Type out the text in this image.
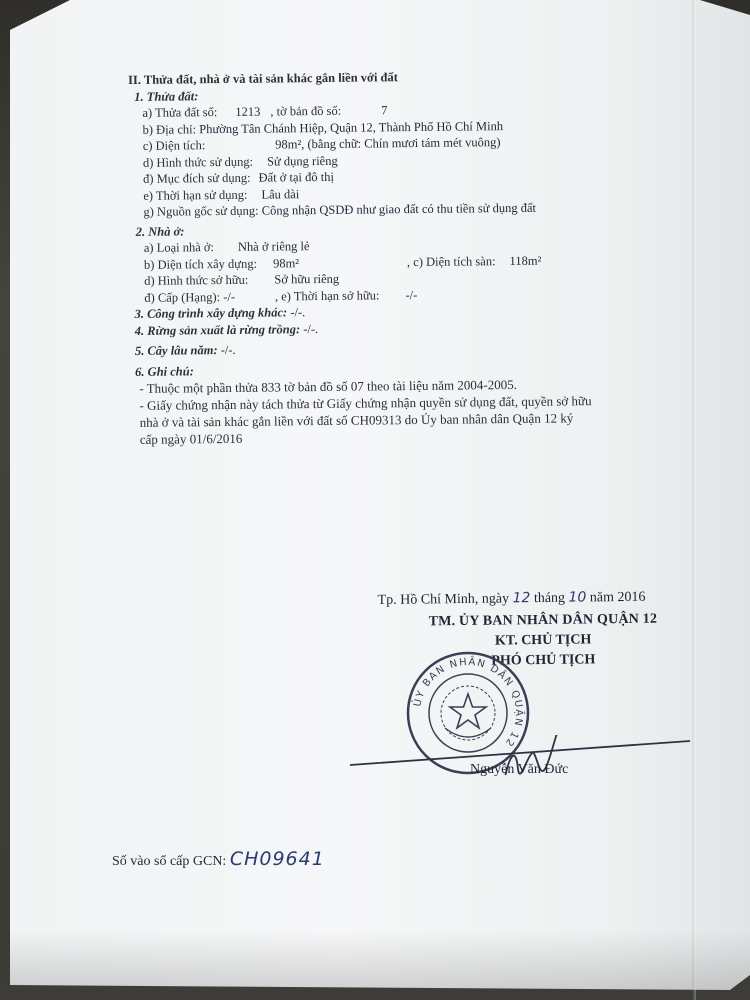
II. Thửa đất, nhà ở và tài sản khác gắn liền với đất
1. Thửa đất:
a) Thửa đất số: 1213 , tờ bản đồ số:	7
b) Địa chỉ: Phường Tân Chánh Hiệp, Quận 12, Thành Phố Hồ Chí Minh
c) Diện tích:	98m², (bằng chữ: Chín mươi tám mét vuông)
d) Hình thức sử dụng: Sử dụng riêng
đ) Mục đích sử dụng: Đất ở tại đô thị
e) Thời hạn sử dụng: Lâu dài
g) Nguồn gốc sử dụng: Công nhận QSDĐ như giao đất có thu tiền sử dụng đất
2. Nhà ở:
a) Loại nhà ở: Nhà ở riêng lẻ
b) Diện tích xây dựng: 98m²	, c) Diện tích sàn: 118m²
d) Hình thức sở hữu: Sở hữu riêng
đ) Cấp (Hạng): -/-	, e) Thời hạn sở hữu: -/-
3. Công trình xây dựng khác: -/-.
4. Rừng sản xuất là rừng trồng: -/-.
5. Cây lâu năm: -/-.
6. Ghi chú:
- Thuộc một phần thửa 833 tờ bản đồ số 07 theo tài liệu năm 2004-2005.
- Giấy chứng nhận này tách thửa từ Giấy chứng nhận quyền sử dụng đất, quyền sở hữu
nhà ở và tài sản khác gắn liền với đất số CH09313 do Ủy ban nhân dân Quận 12 ký
cấp ngày 01/6/2016
Tp. Hồ Chí Minh, ngày 12 tháng 10 năm 2016
TM. ỦY BAN NHÂN DÂN QUẬN 12
KT. CHỦ TỊCH
PHÓ CHỦ TỊCH
ỦY BAN NHÂN DÂN QUẬN 12
Nguyễn Văn Đức
Số vào sổ cấp GCN: CH09641
